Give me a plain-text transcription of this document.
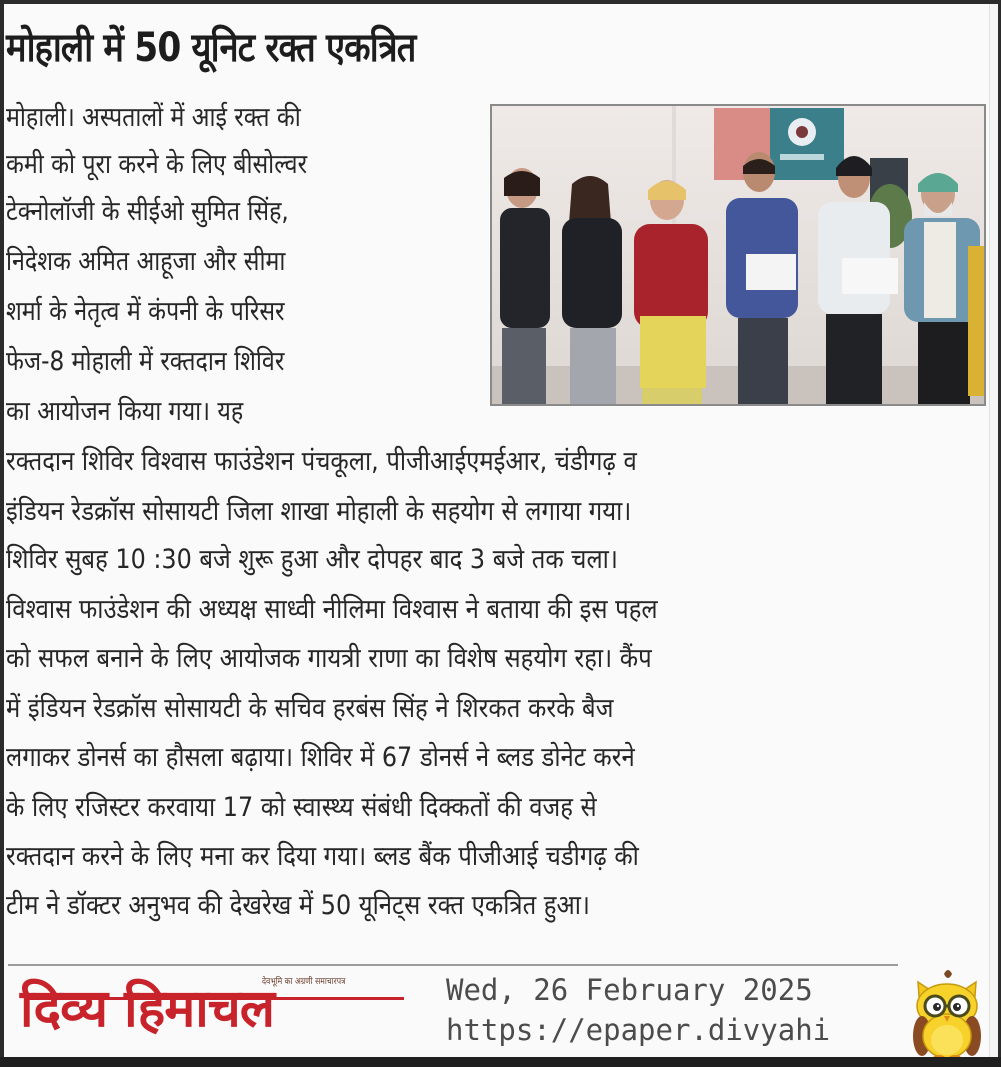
मोहाली में 50 यूनिट रक्त एकत्रित
मोहाली। अस्पतालों में आई रक्त की
कमी को पूरा करने के लिए बीसोल्वर
टेक्नोलॉजी के सीईओ सुमित सिंह,
निदेशक अमित आहूजा और सीमा
शर्मा के नेतृत्व में कंपनी के परिसर
फेज-8 मोहाली में रक्तदान शिविर
का आयोजन किया गया। यह
रक्तदान शिविर विश्वास फाउंडेशन पंचकूला, पीजीआईएमईआर, चंडीगढ़ व
इंडियन रेडक्रॉस सोसायटी जिला शाखा मोहाली के सहयोग से लगाया गया।
शिविर सुबह 10 :30 बजे शुरू हुआ और दोपहर बाद 3 बजे तक चला।
विश्वास फाउंडेशन की अध्यक्ष साध्वी नीलिमा विश्वास ने बताया की इस पहल
को सफल बनाने के लिए आयोजक गायत्री राणा का विशेष सहयोग रहा। कैंप
में इंडियन रेडक्रॉस सोसायटी के सचिव हरबंस सिंह ने शिरकत करके बैज
लगाकर डोनर्स का हौसला बढ़ाया। शिविर में 67 डोनर्स ने ब्लड डोनेट करने
के लिए रजिस्टर करवाया 17 को स्वास्थ्य संबंधी दिक्कतों की वजह से
रक्तदान करने के लिए मना कर दिया गया। ब्लड बैंक पीजीआई चडीगढ़ की
टीम ने डॉक्टर अनुभव की देखरेख में 50 यूनिट्स रक्त एकत्रित हुआ।
दिव्य हिमाचल
देवभूमि का अग्रणी समाचारपत्र	Wed, 26 February 2025
https://epaper.divyahi
